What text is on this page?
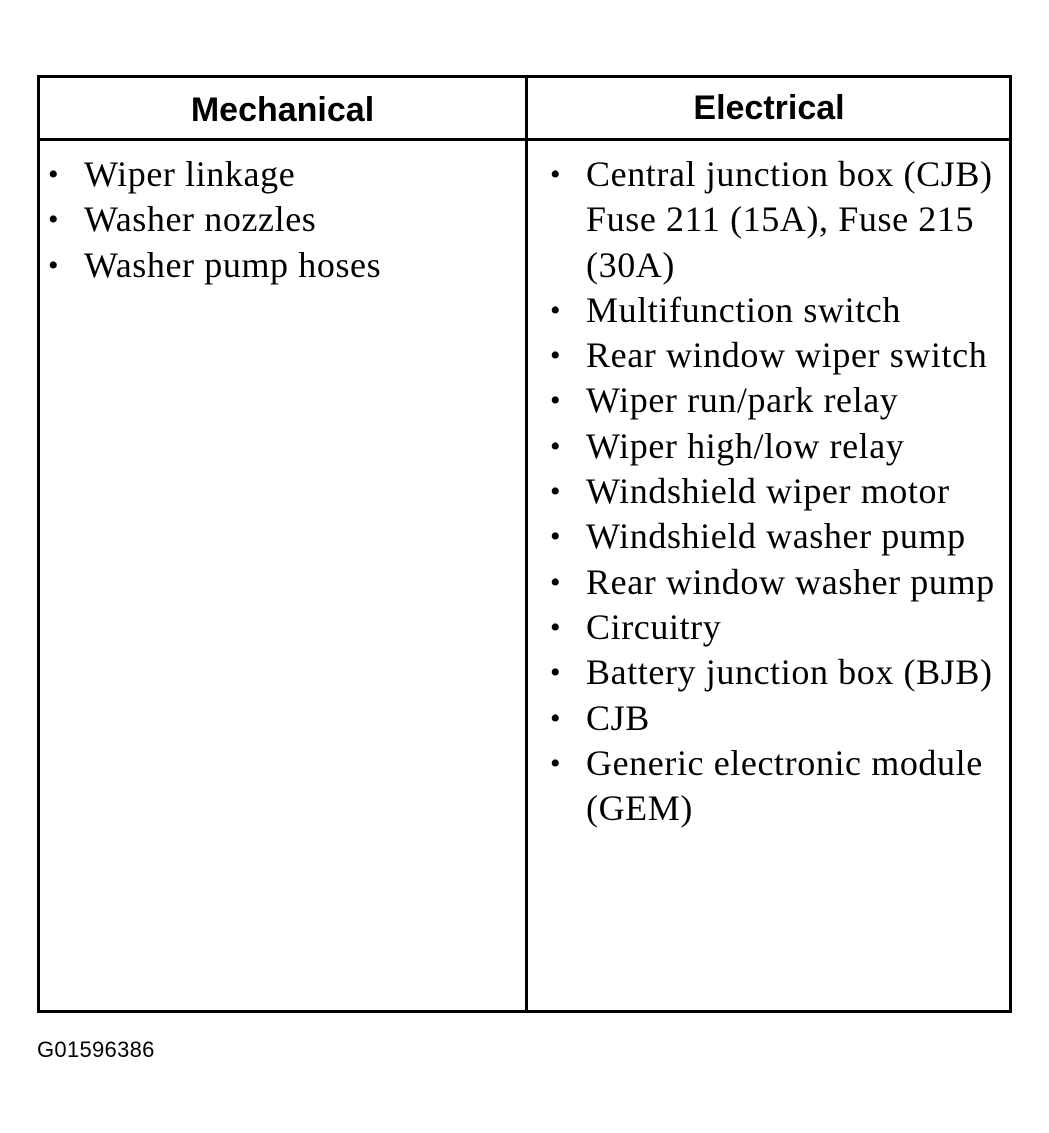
Mechanical	Electrical
• Wiper linkage
• Washer nozzles
• Washer pump hoses
• Central junction box (CJB) Fuse 211 (15A), Fuse 215 (30A)
• Multifunction switch
• Rear window wiper switch
• Wiper run/park relay
• Wiper high/low relay
• Windshield wiper motor
• Windshield washer pump
• Rear window washer pump
• Circuitry
• Battery junction box (BJB)
• CJB
• Generic electronic module (GEM)
G01596386
